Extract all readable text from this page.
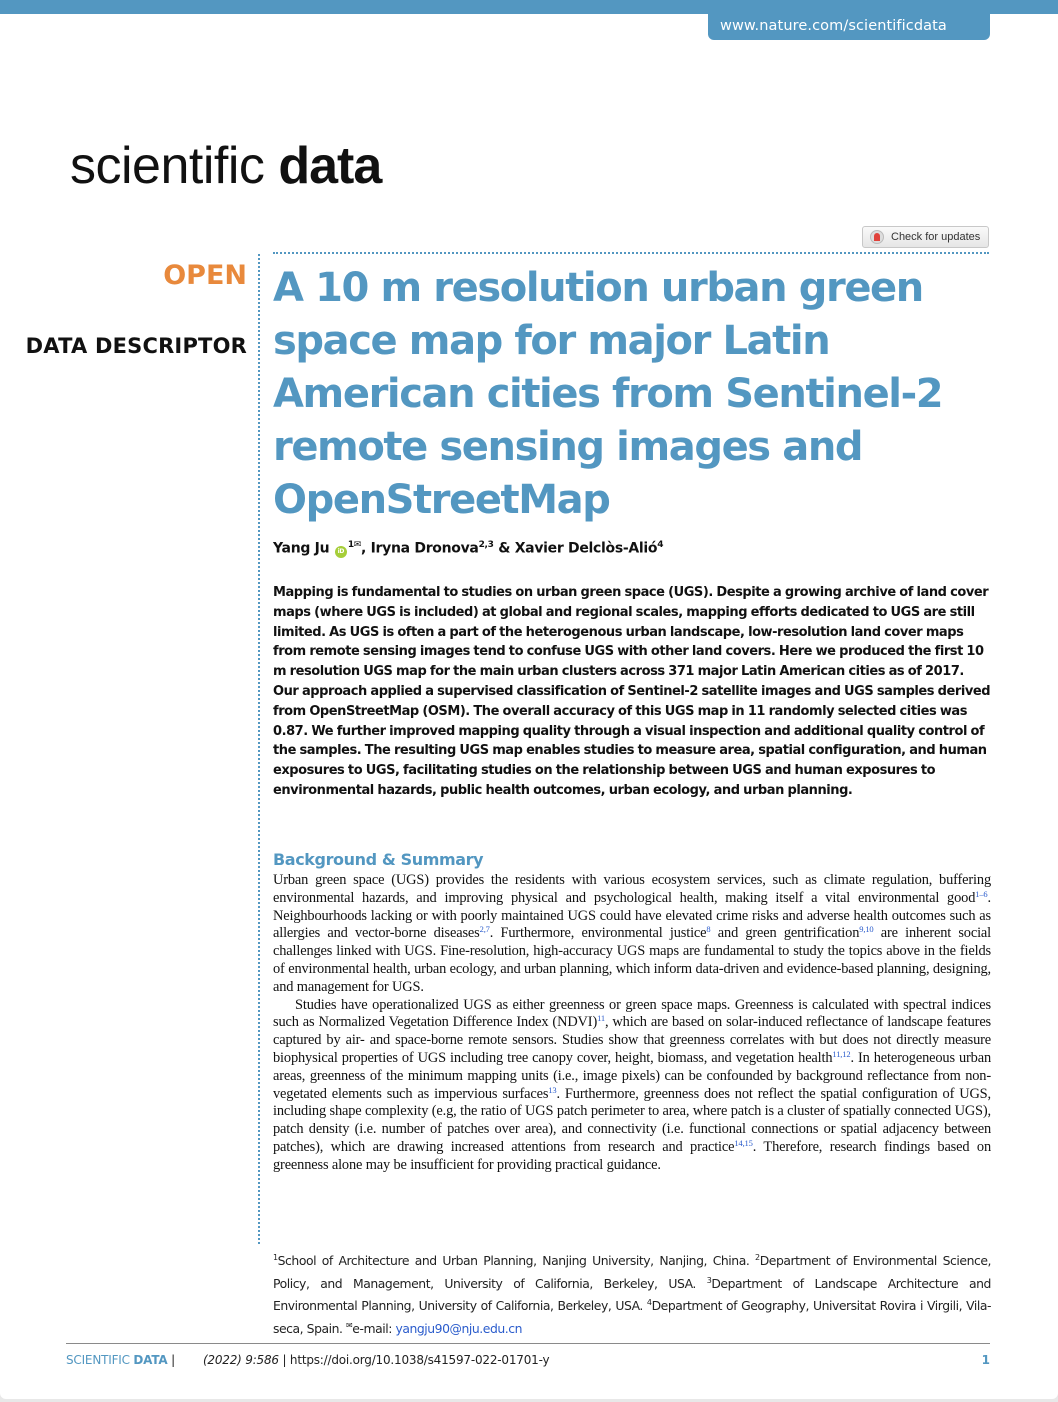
www.nature.com/scientificdata
scientific data
Check for updates
OPEN
DATA DESCRIPTOR
A 10 m resolution urban green
space map for major Latin
American cities from Sentinel-2
remote sensing images and
OpenStreetMap
Yang Ju $iD^{1✉}$, Iryna Dronova$^{2,3}$ & Xavier Delclòs-Alió$^4$
Mapping is fundamental to studies on urban green space (UGS). Despite a growing archive of land cover maps (where UGS is included) at global and regional scales, mapping efforts dedicated to UGS are still limited. As UGS is often a part of the heterogenous urban landscape, low-resolution land cover maps from remote sensing images tend to confuse UGS with other land covers. Here we produced the first 10 m resolution UGS map for the main urban clusters across 371 major Latin American cities as of 2017. Our approach applied a supervised classification of Sentinel-2 satellite images and UGS samples derived from OpenStreetMap (OSM). The overall accuracy of this UGS map in 11 randomly selected cities was 0.87. We further improved mapping quality through a visual inspection and additional quality control of the samples. The resulting UGS map enables studies to measure area, spatial configuration, and human exposures to UGS, facilitating studies on the relationship between UGS and human exposures to environmental hazards, public health outcomes, urban ecology, and urban planning.
Background & Summary

Urban green space (UGS) provides the residents with various ecosystem services, such as climate regulation, buffering environmental hazards, and improving physical and psychological health, making itself a vital environmental good$^{1-6}$. Neighbourhoods lacking or with poorly maintained UGS could have elevated crime risks and adverse health outcomes such as allergies and vector-borne diseases$^{2,7}$. Furthermore, environmental justice$^8$ and green gentrification$^{9,10}$ are inherent social challenges linked with UGS. Fine-resolution, high-accuracy UGS maps are fundamental to study the topics above in the fields of environmental health, urban ecology, and urban planning, which inform data-driven and evidence-based planning, designing, and management for UGS.

Studies have operationalized UGS as either greenness or green space maps. Greenness is calculated with spectral indices such as Normalized Vegetation Difference Index (NDVI)$^{11}$, which are based on solar-induced reflectance of landscape features captured by air- and space-borne remote sensors. Studies show that greenness correlates with but does not directly measure biophysical properties of UGS including tree canopy cover, height, biomass, and vegetation health$^{11,12}$. In heterogeneous urban areas, greenness of the minimum mapping units (i.e., image pixels) can be confounded by background reflectance from non-vegetated elements such as impervious surfaces$^{13}$. Furthermore, greenness does not reflect the spatial configuration of UGS, including shape complexity (e.g, the ratio of UGS patch perimeter to area, where patch is a cluster of spatially connected UGS), patch density (i.e. number of patches over area), and connectivity (i.e. functional connections or spatial adjacency between patches), which are drawing increased attentions from research and practice$^{14,15}$. Therefore, research findings based on greenness alone may be insufficient for providing practical guidance.

$^1$School of Architecture and Urban Planning, Nanjing University, Nanjing, China. $^2$Department of Environmental Science, Policy, and Management, University of California, Berkeley, USA. $^3$Department of Landscape Architecture and Environmental Planning, University of California, Berkeley, USA. $^4$Department of Geography, Universitat Rovira i Virgili, Vila-seca, Spain. ✉e-mail: yangju90@nju.edu.cn
SCIENTIFIC DATA | (2022) 9:586 | https://doi.org/10.1038/s41597-022-01701-y	1
